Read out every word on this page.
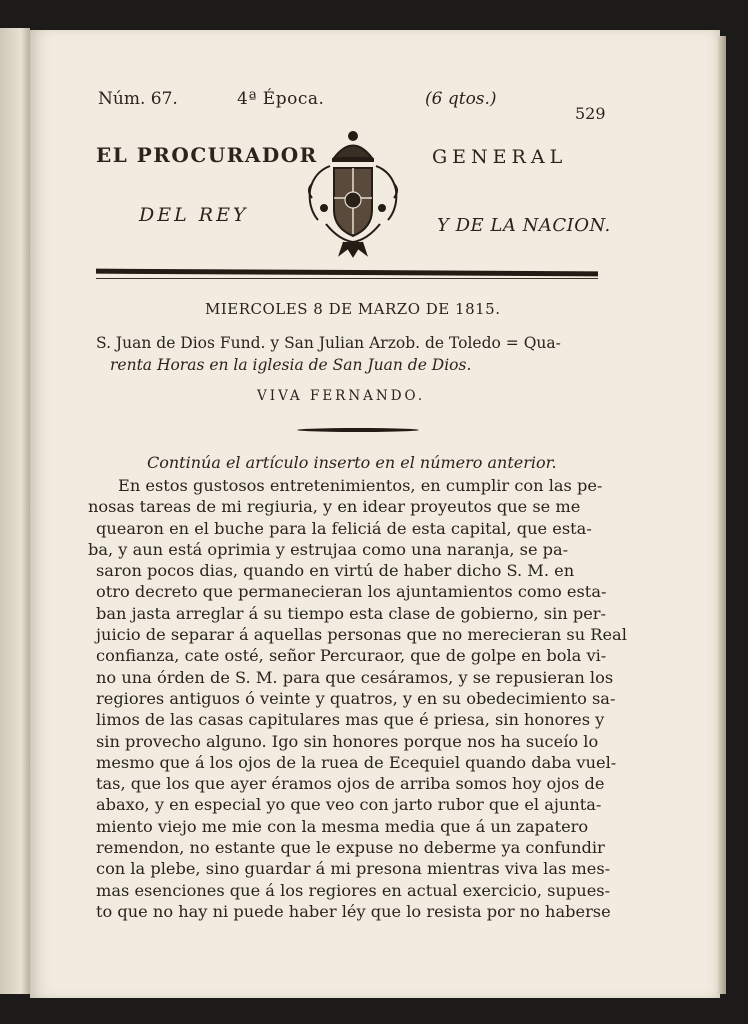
Núm. 67.	4ª Época.	(6 qtos.)
529
EL PROCURADOR	GENERAL
DEL REY	Y DE LA NACION.
MIERCOLES 8 DE MARZO DE 1815.
S. Juan de Dios Fund. y San Julian Arzob. de Toledo = Qua-
renta Horas en la iglesia de San Juan de Dios.
VIVA FERNANDO.
Continúa el artículo inserto en el número anterior.
En estos gustosos entretenimientos, en cumplir con las pe-
nosas tareas de mi regiuria, y en idear proyeutos que se me
quearon en el buche para la feliciá de esta capital, que esta-
ba, y aun está oprimia y estrujaa como una naranja, se pa-
saron pocos dias, quando en virtú de haber dicho S. M. en
otro decreto que permanecieran los ajuntamientos como esta-
ban jasta arreglar á su tiempo esta clase de gobierno, sin per-
juicio de separar á aquellas personas que no merecieran su Real
confianza, cate osté, señor Percuraor, que de golpe en bola vi-
no una órden de S. M. para que cesáramos, y se repusieran los
regiores antiguos ó veinte y quatros, y en su obedecimiento sa-
limos de las casas capitulares mas que é priesa, sin honores y
sin provecho alguno. Igo sin honores porque nos ha suceío lo
mesmo que á los ojos de la ruea de Ecequiel quando daba vuel-
tas, que los que ayer éramos ojos de arriba somos hoy ojos de
abaxo, y en especial yo que veo con jarto rubor que el ajunta-
miento viejo me mie con la mesma media que á un zapatero
remendon, no estante que le expuse no deberme ya confundir
con la plebe, sino guardar á mi presona mientras viva las mes-
mas esenciones que á los regiores en actual exercicio, supues-
to que no hay ni puede haber léy que lo resista por no haberse
